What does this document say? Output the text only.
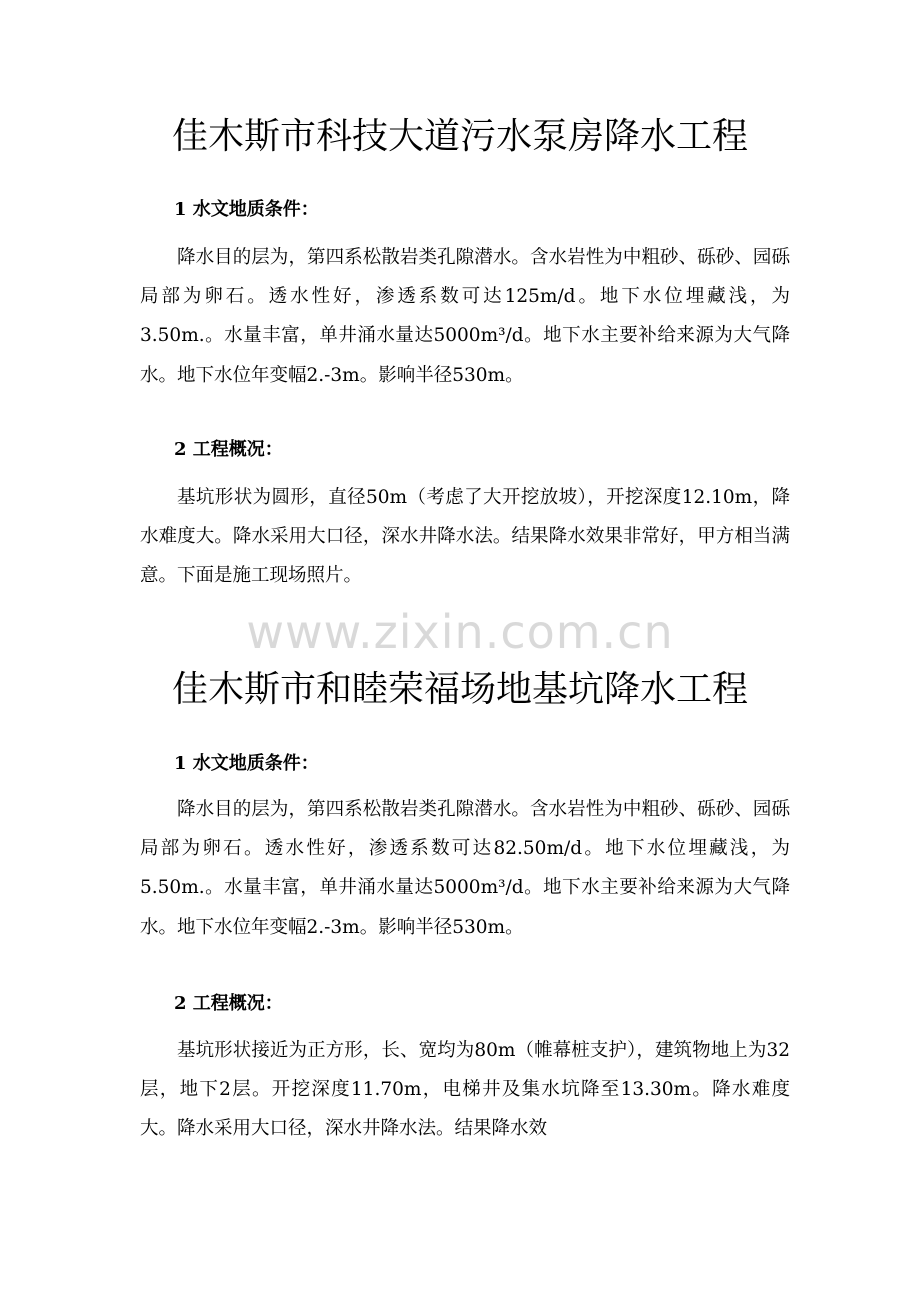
佳木斯市科技大道污水泵房降水工程
1 水文地质条件：
降水目的层为，第四系松散岩类孔隙潜水。含水岩性为中粗砂、砾砂、园砾局部为卵石。透水性好，渗透系数可达125m/d。地下水位埋藏浅，为3.50m.。水量丰富，单井涌水量达5000m³/d。地下水主要补给来源为大气降水。地下水位年变幅2.-3m。影响半径530m。
2 工程概况：
基坑形状为圆形，直径50m（考虑了大开挖放坡），开挖深度12.10m，降水难度大。降水采用大口径，深水井降水法。结果降水效果非常好，甲方相当满意。下面是施工现场照片。
www.zixin.com.cn
佳木斯市和睦荣福场地基坑降水工程
1 水文地质条件：
降水目的层为，第四系松散岩类孔隙潜水。含水岩性为中粗砂、砾砂、园砾局部为卵石。透水性好，渗透系数可达82.50m/d。地下水位埋藏浅，为5.50m.。水量丰富，单井涌水量达5000m³/d。地下水主要补给来源为大气降水。地下水位年变幅2.-3m。影响半径530m。
2 工程概况：
基坑形状接近为正方形，长、宽均为80m（帷幕桩支护），建筑物地上为32层，地下2层。开挖深度11.70m，电梯井及集水坑降至13.30m。降水难度大。降水采用大口径，深水井降水法。结果降水效
